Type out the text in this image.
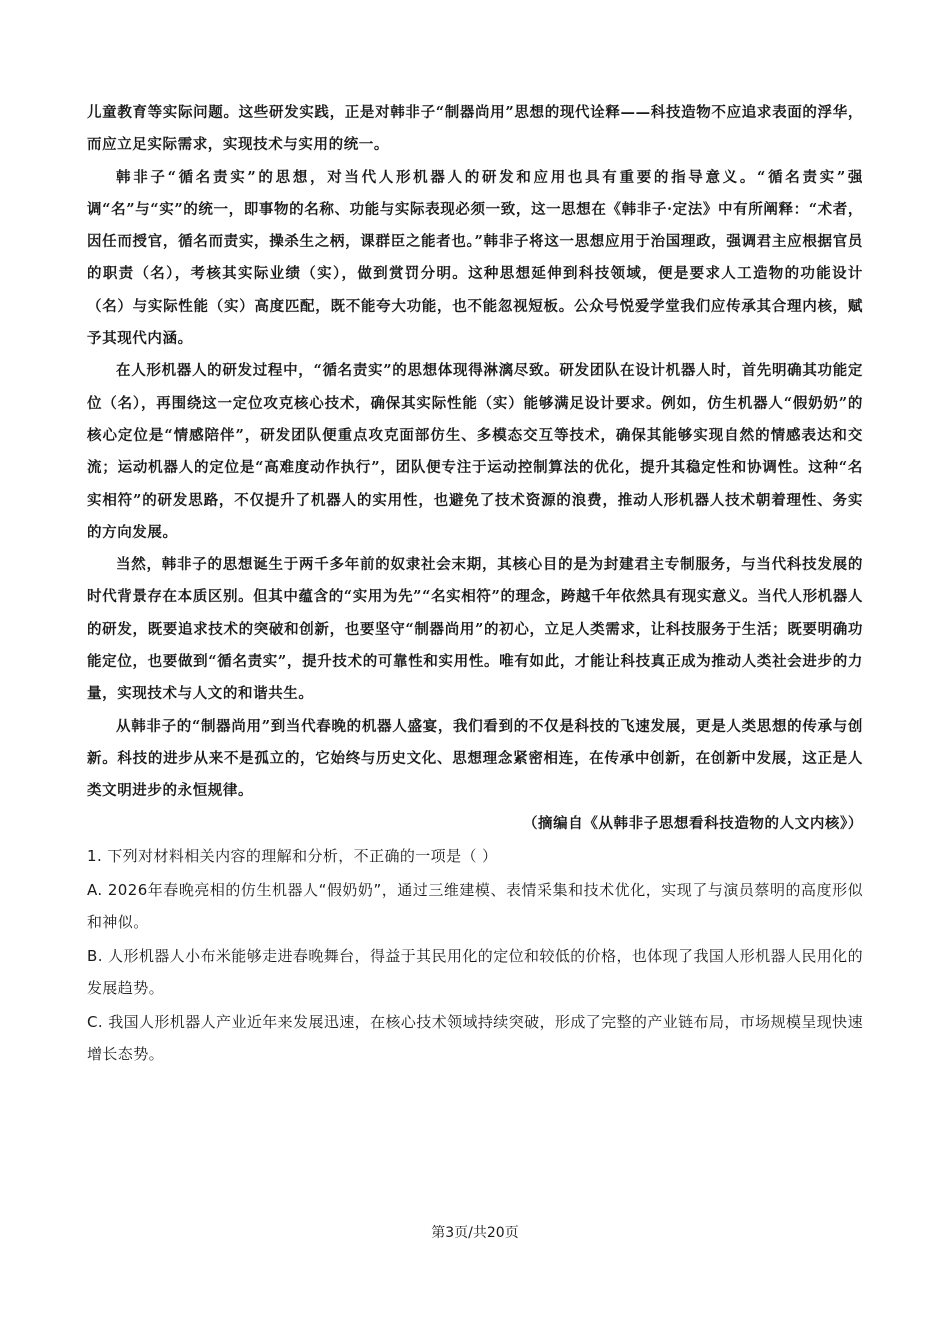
儿童教育等实际问题。这些研发实践，正是对韩非子“制器尚用”思想的现代诠释——科技造物不应追求表面的浮华，而应立足实际需求，实现技术与实用的统一。

韩非子“循名责实”的思想，对当代人形机器人的研发和应用也具有重要的指导意义。“循名责实”强调“名”与“实”的统一，即事物的名称、功能与实际表现必须一致，这一思想在《韩非子·定法》中有所阐释：“术者，因任而授官，循名而责实，操杀生之柄，课群臣之能者也。”韩非子将这一思想应用于治国理政，强调君主应根据官员的职责（名），考核其实际业绩（实），做到赏罚分明。这种思想延伸到科技领域，便是要求人工造物的功能设计（名）与实际性能（实）高度匹配，既不能夸大功能，也不能忽视短板。公众号悦爱学堂我们应传承其合理内核，赋予其现代内涵。

在人形机器人的研发过程中，“循名责实”的思想体现得淋漓尽致。研发团队在设计机器人时，首先明确其功能定位（名），再围绕这一定位攻克核心技术，确保其实际性能（实）能够满足设计要求。例如，仿生机器人“假奶奶”的核心定位是“情感陪伴”，研发团队便重点攻克面部仿生、多模态交互等技术，确保其能够实现自然的情感表达和交流；运动机器人的定位是“高难度动作执行”，团队便专注于运动控制算法的优化，提升其稳定性和协调性。这种“名实相符”的研发思路，不仅提升了机器人的实用性，也避免了技术资源的浪费，推动人形机器人技术朝着理性、务实的方向发展。

当然，韩非子的思想诞生于两千多年前的奴隶社会末期，其核心目的是为封建君主专制服务，与当代科技发展的时代背景存在本质区别。但其中蕴含的“实用为先”“名实相符”的理念，跨越千年依然具有现实意义。当代人形机器人的研发，既要追求技术的突破和创新，也要坚守“制器尚用”的初心，立足人类需求，让科技服务于生活；既要明确功能定位，也要做到“循名责实”，提升技术的可靠性和实用性。唯有如此，才能让科技真正成为推动人类社会进步的力量，实现技术与人文的和谐共生。

从韩非子的“制器尚用”到当代春晚的机器人盛宴，我们看到的不仅是科技的飞速发展，更是人类思想的传承与创新。科技的进步从来不是孤立的，它始终与历史文化、思想理念紧密相连，在传承中创新，在创新中发展，这正是人类文明进步的永恒规律。

（摘编自《从韩非子思想看科技造物的人文内核》）

1. 下列对材料相关内容的理解和分析，不正确的一项是（ ）

A. 2026年春晚亮相的仿生机器人“假奶奶”，通过三维建模、表情采集和技术优化，实现了与演员蔡明的高度形似和神似。

B. 人形机器人小布米能够走进春晚舞台，得益于其民用化的定位和较低的价格，也体现了我国人形机器人民用化的发展趋势。

C. 我国人形机器人产业近年来发展迅速，在核心技术领域持续突破，形成了完整的产业链布局，市场规模呈现快速增长态势。

第3页/共20页
